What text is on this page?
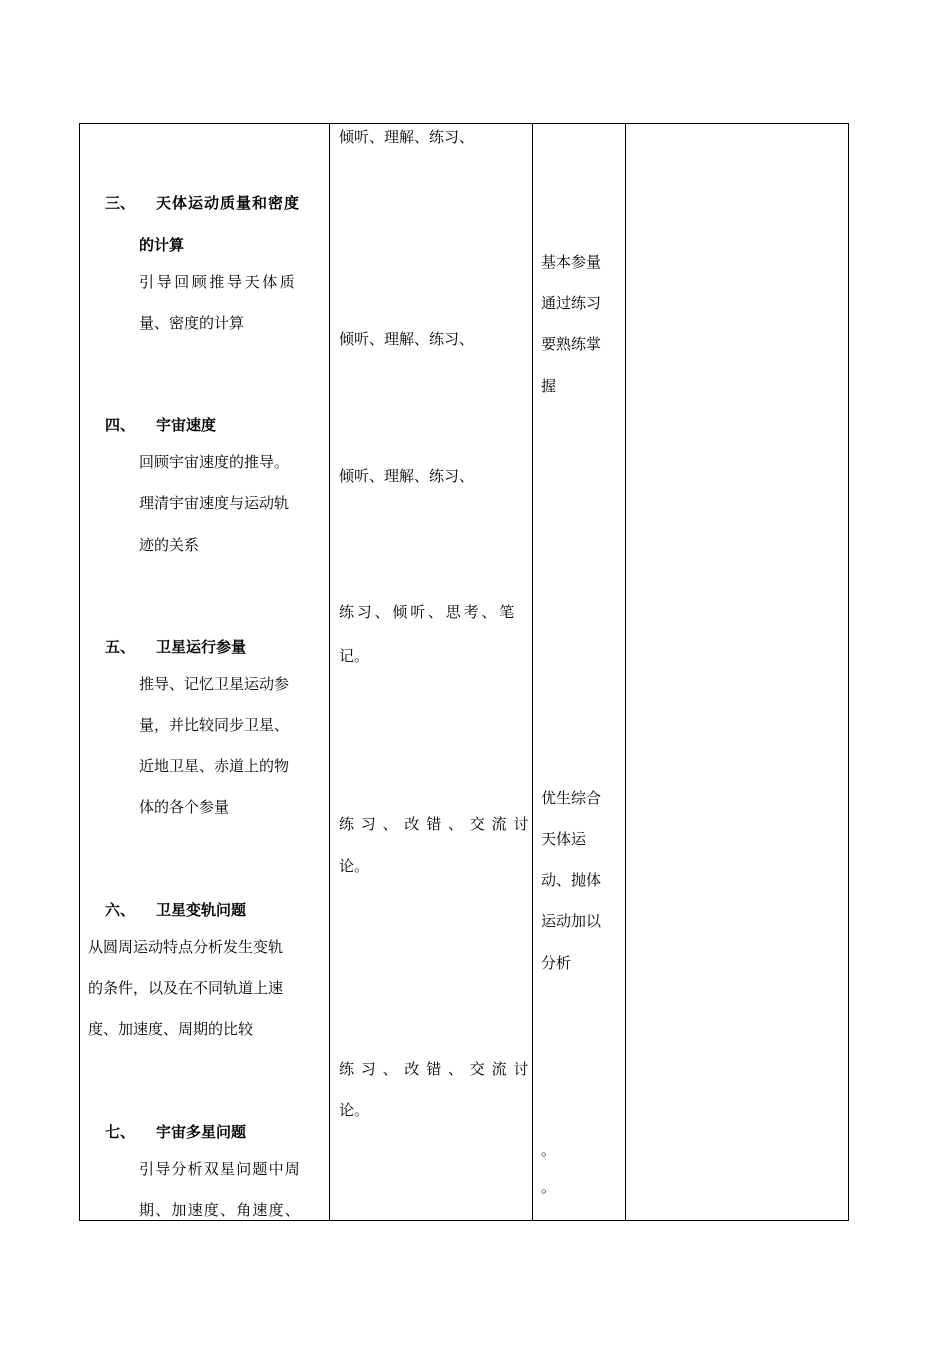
三、 天体运动质量和密度
的计算
引导回顾推导天体质
量、密度的计算
四、 宇宙速度
回顾宇宙速度的推导。
理清宇宙速度与运动轨
迹的关系
五、 卫星运行参量
推导、记忆卫星运动参
量，并比较同步卫星、
近地卫星、赤道上的物
体的各个参量
六、 卫星变轨问题
从圆周运动特点分析发生变轨
的条件，以及在不同轨道上速
度、加速度、周期的比较
七、 宇宙多星问题
引导分析双星问题中周
期、加速度、角速度、
倾听、理解、练习、
倾听、理解、练习、
倾听、理解、练习、
练习、倾听、思考、笔
记。
练习、改错、交流讨
论。
练习、改错、交流讨
论。
基本参量
通过练习
要熟练掌
握
优生综合
天体运
动、抛体
运动加以
分析
。
。
